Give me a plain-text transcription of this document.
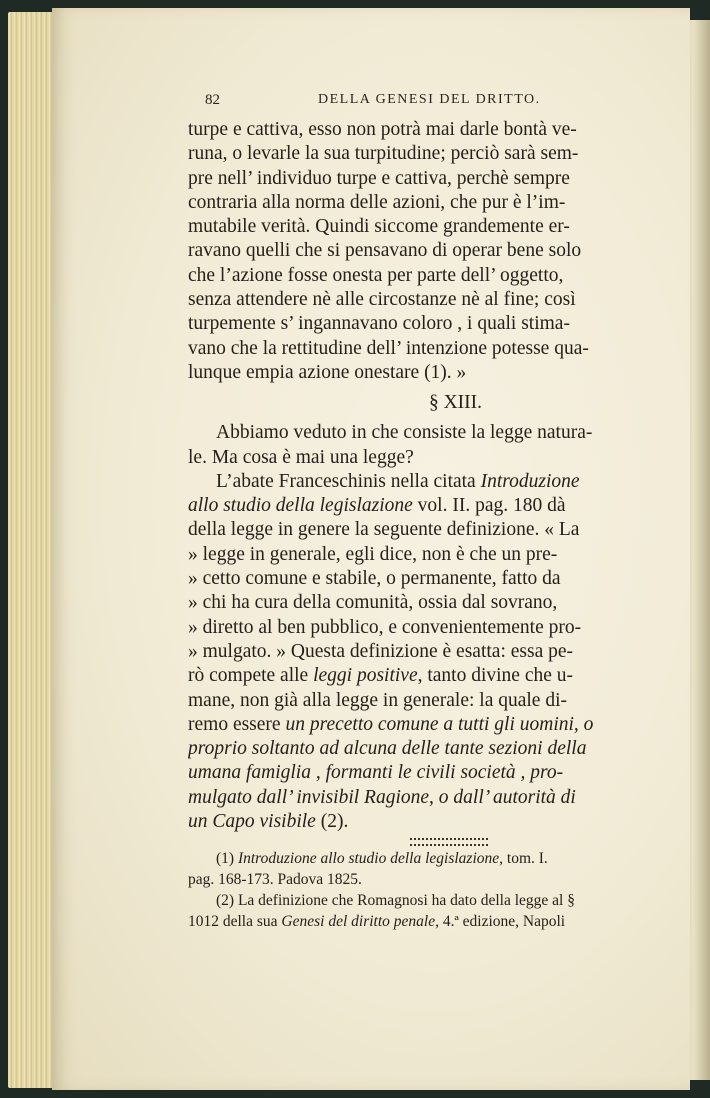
82	DELLA GENESI DEL DRITTO.
turpe e cattiva, esso non potrà mai darle bontà ve-
runa, o levarle la sua turpitudine; perciò sarà sem-
pre nell’ individuo turpe e cattiva, perchè sempre
contraria alla norma delle azioni, che pur è l’im-
mutabile verità. Quindi siccome grandemente er-
ravano quelli che si pensavano di operar bene solo
che l’azione fosse onesta per parte dell’ oggetto,
senza attendere nè alle circostanze nè al fine; così
turpemente s’ ingannavano coloro , i quali stima-
vano che la rettitudine dell’ intenzione potesse qua-
lunque empia azione onestare (1). »
§ XIII.
Abbiamo veduto in che consiste la legge natura-
le. Ma cosa è mai una legge?
L’abate Franceschinis nella citata Introduzione
allo studio della legislazione vol. II. pag. 180 dà
della legge in genere la seguente definizione. « La
» legge in generale, egli dice, non è che un pre-
» cetto comune e stabile, o permanente, fatto da
» chi ha cura della comunità, ossia dal sovrano,
» diretto al ben pubblico, e convenientemente pro-
» mulgato. » Questa definizione è esatta: essa pe-
rò compete alle leggi positive, tanto divine che u-
mane, non già alla legge in generale: la quale di-
remo essere un precetto comune a tutti gli uomini, o
proprio soltanto ad alcuna delle tante sezioni della
umana famiglia , formanti le civili società , pro-
mulgato dall’ invisibil Ragione, o dall’ autorità di
un Capo visibile (2).
(1) Introduzione allo studio della legislazione, tom. I.
pag. 168-173. Padova 1825.
(2) La definizione che Romagnosi ha dato della legge al §
1012 della sua Genesi del diritto penale, 4.ª edizione, Napoli
